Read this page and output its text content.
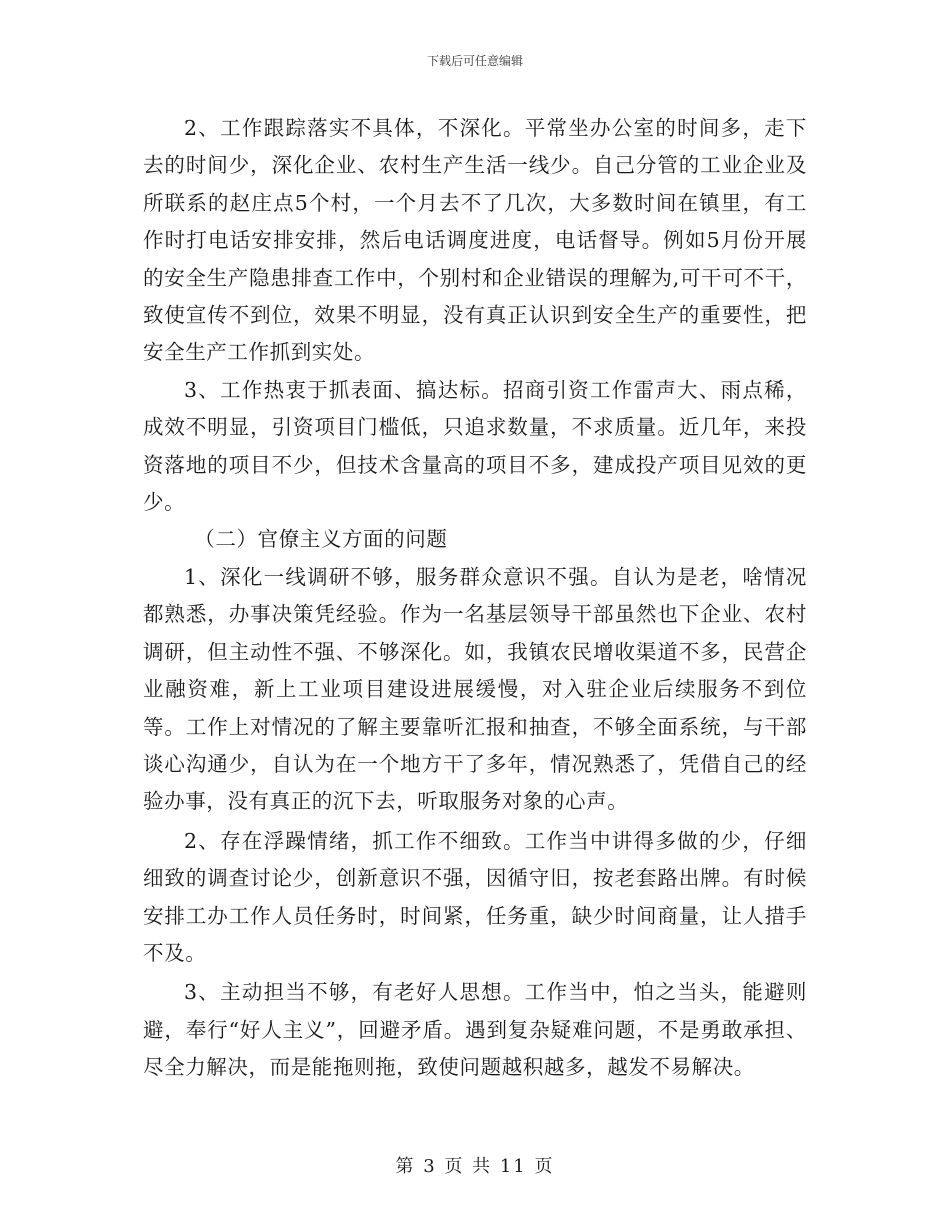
下载后可任意编辑

2、工作跟踪落实不具体，不深化。平常坐办公室的时间多，走下去的时间少，深化企业、农村生产生活一线少。自己分管的工业企业及所联系的赵庄点5个村，一个月去不了几次，大多数时间在镇里，有工作时打电话安排安排，然后电话调度进度，电话督导。例如5月份开展的安全生产隐患排查工作中，个别村和企业错误的理解为,可干可不干，致使宣传不到位，效果不明显，没有真正认识到安全生产的重要性，把安全生产工作抓到实处。

3、工作热衷于抓表面、搞达标。招商引资工作雷声大、雨点稀，成效不明显，引资项目门槛低，只追求数量，不求质量。近几年，来投资落地的项目不少，但技术含量高的项目不多，建成投产项目见效的更少。

（二）官僚主义方面的问题

1、深化一线调研不够，服务群众意识不强。自认为是老，啥情况都熟悉，办事决策凭经验。作为一名基层领导干部虽然也下企业、农村调研，但主动性不强、不够深化。如，我镇农民增收渠道不多，民营企业融资难，新上工业项目建设进展缓慢，对入驻企业后续服务不到位等。工作上对情况的了解主要靠听汇报和抽查，不够全面系统，与干部谈心沟通少，自认为在一个地方干了多年，情况熟悉了，凭借自己的经验办事，没有真正的沉下去，听取服务对象的心声。

2、存在浮躁情绪，抓工作不细致。工作当中讲得多做的少，仔细细致的调查讨论少，创新意识不强，因循守旧，按老套路出牌。有时候安排工办工作人员任务时，时间紧，任务重，缺少时间商量，让人措手不及。

3、主动担当不够，有老好人思想。工作当中，怕之当头，能避则避，奉行“好人主义”，回避矛盾。遇到复杂疑难问题，不是勇敢承担、尽全力解决，而是能拖则拖，致使问题越积越多，越发不易解决。

第 3 页 共 11 页
